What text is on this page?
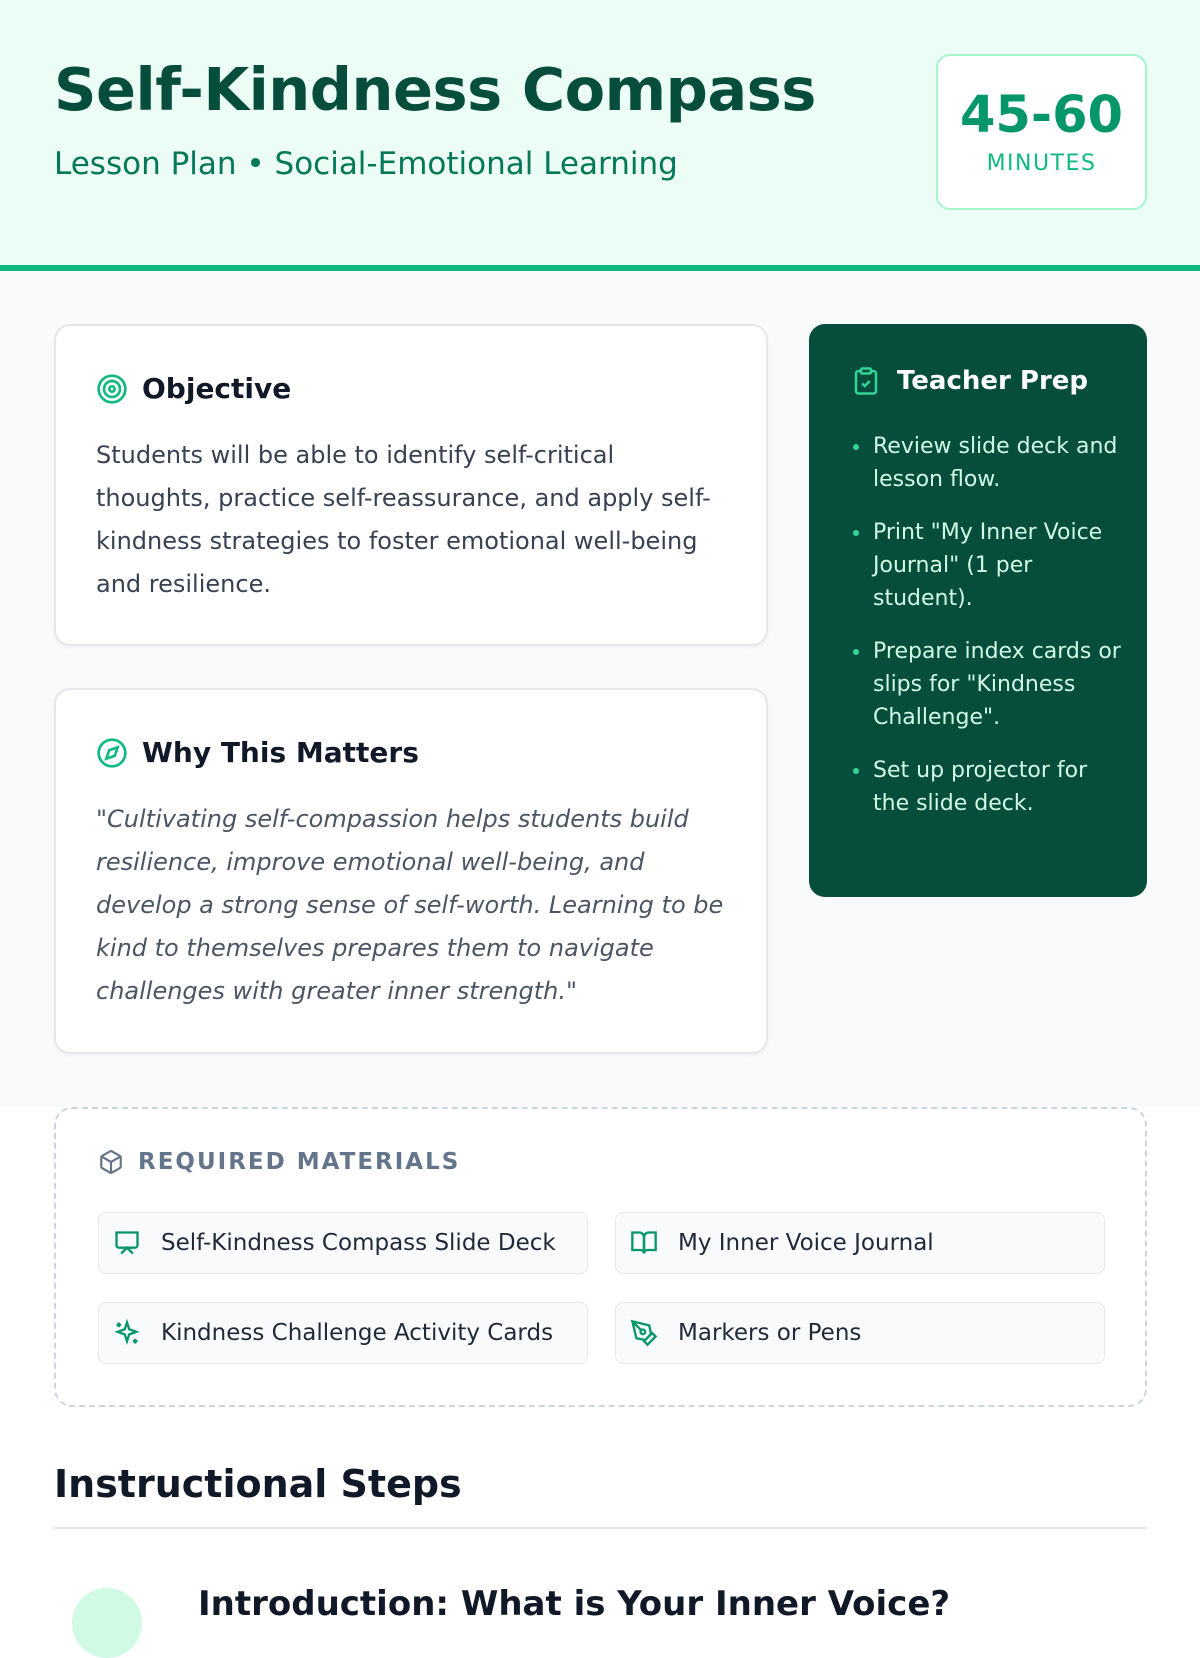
Self-Kindness Compass
Lesson Plan • Social-Emotional Learning
45-60
MINUTES
Objective

Students will be able to identify self-critical thoughts, practice self-reassurance, and apply self-kindness strategies to foster emotional well-being and resilience.

Why This Matters

"Cultivating self-compassion helps students build resilience, improve emotional well-being, and develop a strong sense of self-worth. Learning to be kind to themselves prepares them to navigate challenges with greater inner strength."

Teacher Prep
Review slide deck and lesson flow.
Print "My Inner Voice Journal" (1 per student).
Prepare index cards or slips for "Kindness Challenge".
Set up projector for the slide deck.
REQUIRED MATERIALS
Self-Kindness Compass Slide Deck	My Inner Voice Journal
Kindness Challenge Activity Cards	Markers or Pens
Instructional Steps
Introduction: What is Your Inner Voice?
